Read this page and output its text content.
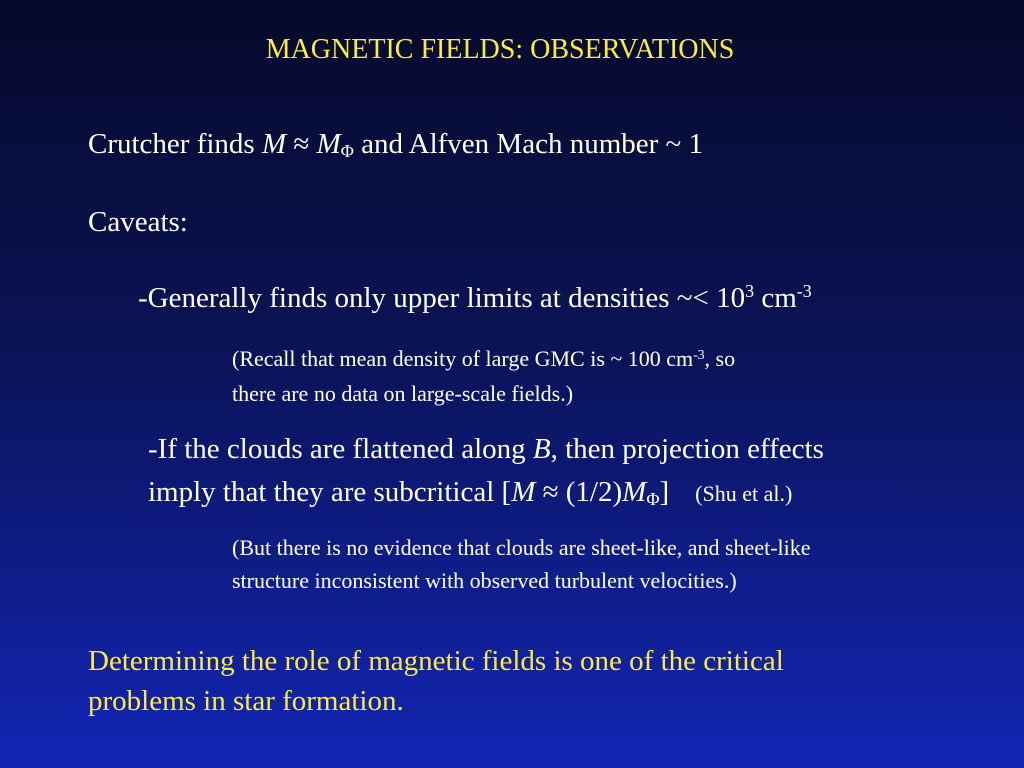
MAGNETIC FIELDS: OBSERVATIONS
Crutcher finds $M \approx M_\Phi$ and Alfven Mach number ~ 1
Caveats:
-Generally finds only upper limits at densities ~< $10^3$ $cm^{-3}$
(Recall that mean density of large GMC is ~ 100 $cm^{-3}$, so
there are no data on large-scale fields.)
-If the clouds are flattened along B, then projection effects
imply that they are subcritical $[M \approx (1/2)M_\Phi]$ (Shu et al.)
(But there is no evidence that clouds are sheet-like, and sheet-like
structure inconsistent with observed turbulent velocities.)
Determining the role of magnetic fields is one of the critical
problems in star formation.
